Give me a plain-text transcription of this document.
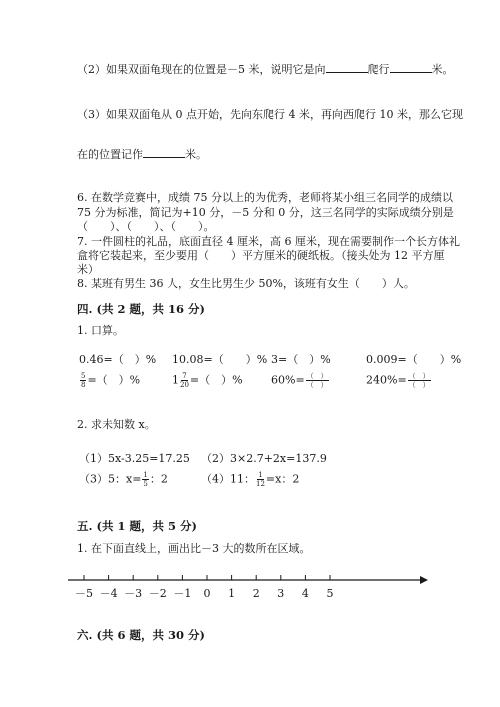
（2）如果双面龟现在的位置是－5 米，说明它是向	爬行	米。
（3）如果双面龟从 0 点开始，先向东爬行 4 米，再向西爬行 10 米，那么它现
在的位置记作	米。
6. 在数学竞赛中，成绩 75 分以上的为优秀，老师将某小组三名同学的成绩以
75 分为标准，简记为+10 分，－5 分和 0 分，这三名同学的实际成绩分别是
（　　）、（　　）、（　　）。
7. 一件圆柱的礼品，底面直径 4 厘米，高 6 厘米，现在需要制作一个长方体礼
盒将它装起来，至少要用（　　）平方厘米的硬纸板。（接头处为 12 平方厘
米）
8. 某班有男生 36 人，女生比男生少 50%，该班有女生（　　）人。
四. (共 2 题，共 16 分)
1. 口算。
0.46=（　）% 10.08=（　　）% 3=（　）%	0.009=（　　）%
$\frac{5}{8}$ =（　）%	$1 \frac{7}{20}$ =（　）%	$60\%= \frac{( )}{( )}$	$240\%= \frac{( )}{( )}$
2. 求未知数 x。
（1）5x-3.25=17.25 （2）3×2.7+2x=137.9
（3）5：$x= \frac{1}{5}$ ：2	（4）11： $\frac{1}{12} =x$：2
五. (共 1 题，共 5 分)
1. 在下面直线上，画出比－3 大的数所在区域。
－5 －4 －3 －2 －1 0 1 2 3 4 5
六. (共 6 题，共 30 分)
